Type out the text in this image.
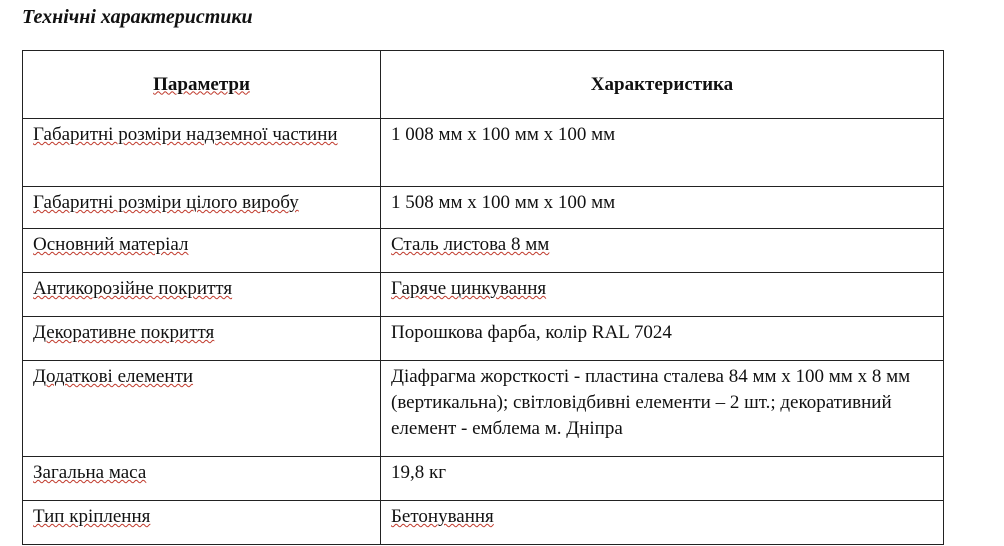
Технічні характеристики
Параметри	Характеристика
Габаритні розміри надземної частини	1 008 мм x 100 мм x 100 мм
Габаритні розміри цілого виробу	1 508 мм x 100 мм x 100 мм
Основний матеріал	Сталь листова 8 мм
Антикорозійне покриття	Гаряче цинкування
Декоративне покриття	Порошкова фарба, колір RAL 7024
Додаткові елементи	Діафрагма жорсткості - пластина сталева 84 мм x 100 мм x 8 мм (вертикальна); світловідбивні елементи – 2 шт.; декоративний елемент - емблема м. Дніпра
Загальна маса	19,8 кг
Тип кріплення	Бетонування
